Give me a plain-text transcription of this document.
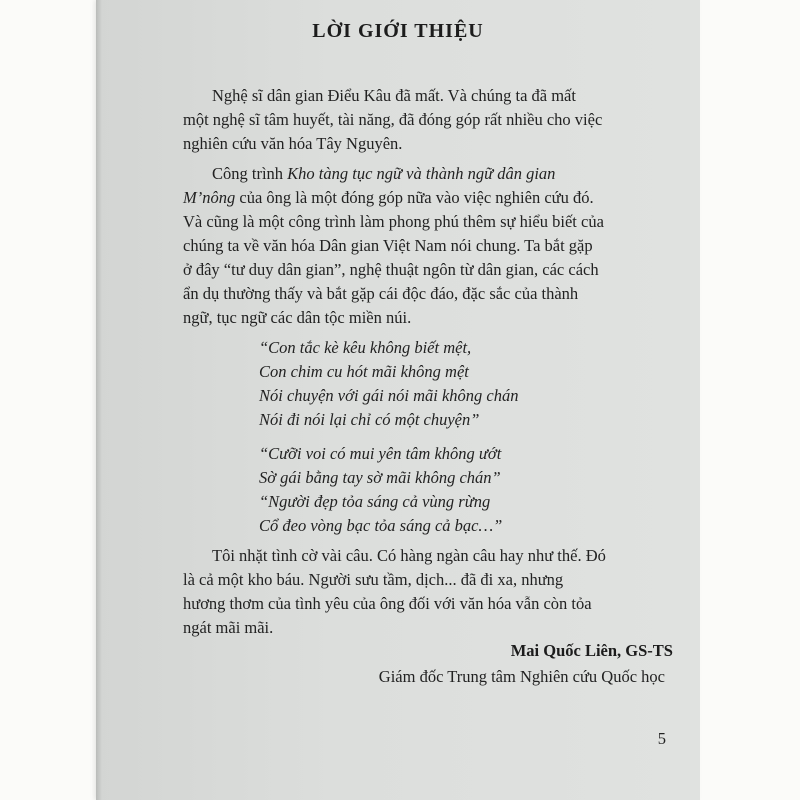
LỜI GIỚI THIỆU
Nghệ sĩ dân gian Điểu Kâu đã mất. Và chúng ta đã mất
một nghệ sĩ tâm huyết, tài năng, đã đóng góp rất nhiều cho việc
nghiên cứu văn hóa Tây Nguyên.
Công trình Kho tàng tục ngữ và thành ngữ dân gian
M’nông của ông là một đóng góp nữa vào việc nghiên cứu đó.
Và cũng là một công trình làm phong phú thêm sự hiểu biết của
chúng ta về văn hóa Dân gian Việt Nam nói chung. Ta bắt gặp
ở đây “tư duy dân gian”, nghệ thuật ngôn từ dân gian, các cách
ẩn dụ thường thấy và bắt gặp cái độc đáo, đặc sắc của thành
ngữ, tục ngữ các dân tộc miền núi.
“Con tắc kè kêu không biết mệt,
Con chim cu hót mãi không mệt
Nói chuyện với gái nói mãi không chán
Nói đi nói lại chỉ có một chuyện”
“Cưỡi voi có mui yên tâm không ướt
Sờ gái bằng tay sờ mãi không chán”
“Người đẹp tỏa sáng cả vùng rừng
Cổ đeo vòng bạc tỏa sáng cả bạc…”
Tôi nhặt tình cờ vài câu. Có hàng ngàn câu hay như thế. Đó
là cả một kho báu. Người sưu tầm, dịch... đã đi xa, nhưng
hương thơm của tình yêu của ông đối với văn hóa vẫn còn tỏa
ngát mãi mãi.
Mai Quốc Liên, GS-TS
Giám đốc Trung tâm Nghiên cứu Quốc học
5
